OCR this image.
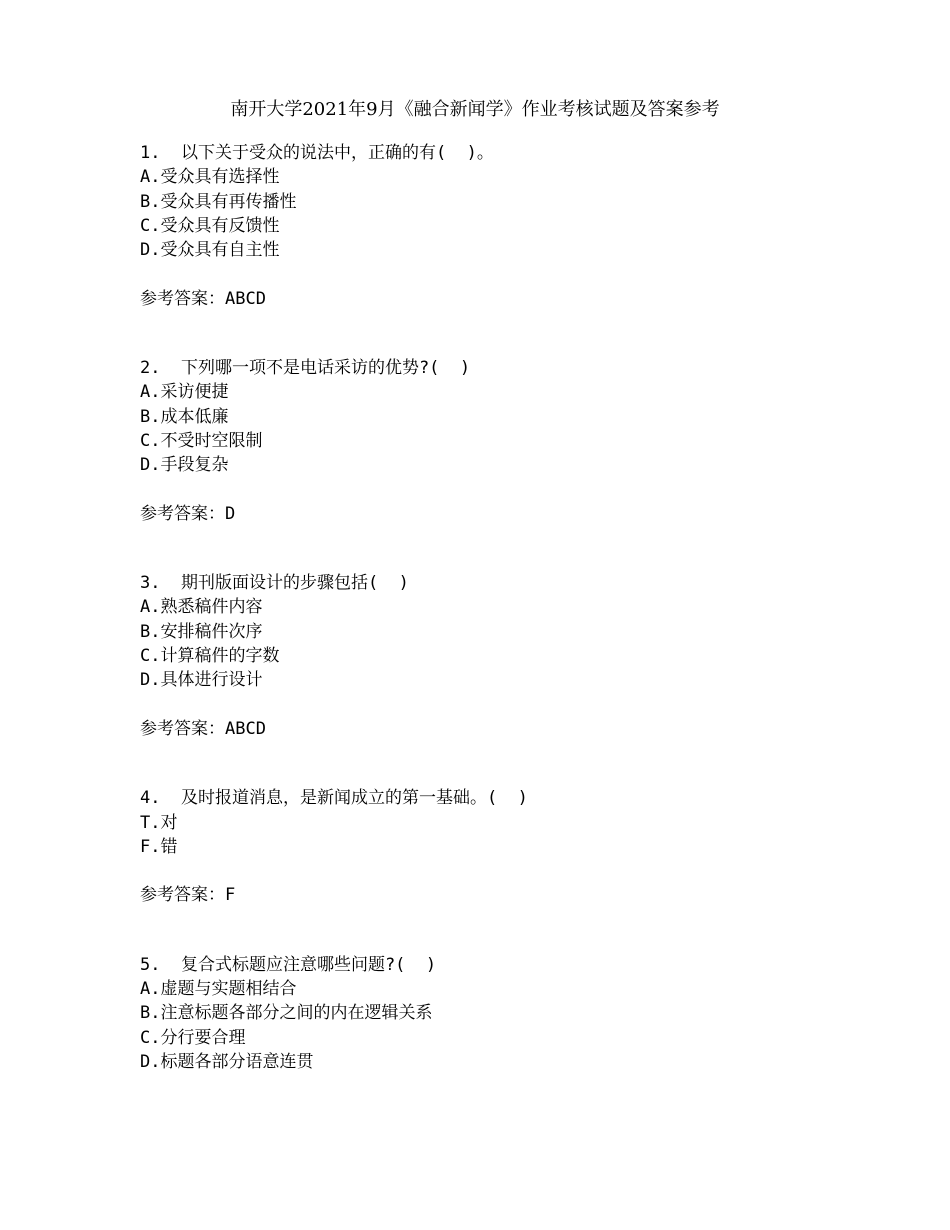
南开大学2021年9月《融合新闻学》作业考核试题及答案参考
1.  以下关于受众的说法中，正确的有(  )。
A.受众具有选择性
B.受众具有再传播性
C.受众具有反馈性
D.受众具有自主性
参考答案：ABCD
2.  下列哪一项不是电话采访的优势?(  )
A.采访便捷
B.成本低廉
C.不受时空限制
D.手段复杂
参考答案：D
3.  期刊版面设计的步骤包括(  )
A.熟悉稿件内容
B.安排稿件次序
C.计算稿件的字数
D.具体进行设计
参考答案：ABCD
4.  及时报道消息，是新闻成立的第一基础。(  )
T.对
F.错
参考答案：F
5.  复合式标题应注意哪些问题?(  )
A.虚题与实题相结合
B.注意标题各部分之间的内在逻辑关系
C.分行要合理
D.标题各部分语意连贯
